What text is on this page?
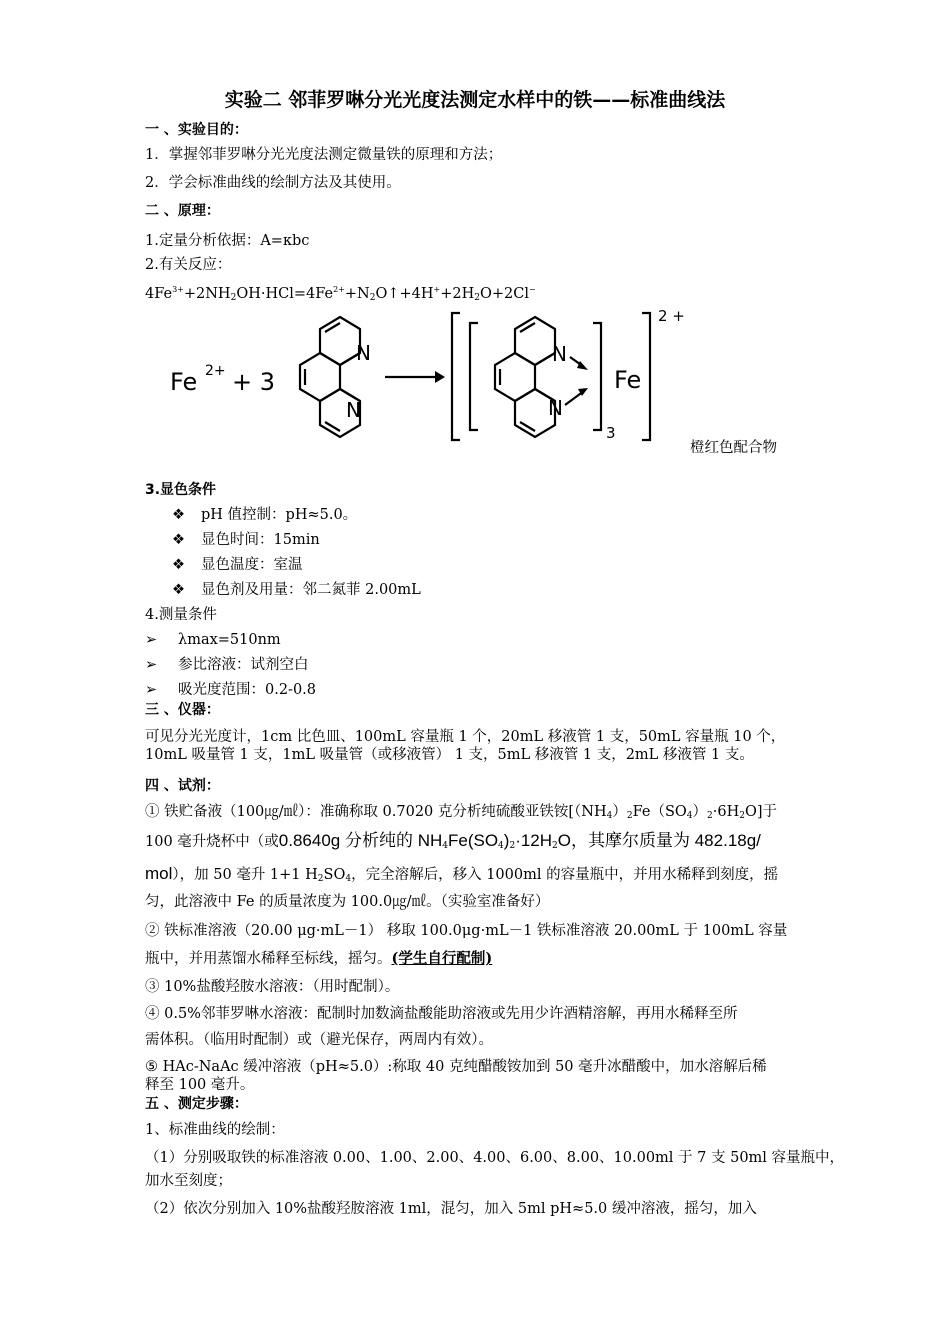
实验二 邻菲罗啉分光光度法测定水样中的铁——标准曲线法
一 、实验目的：
1．掌握邻菲罗啉分光光度法测定微量铁的原理和方法；
2．学会标准曲线的绘制方法及其使用。
二 、原理：
1.定量分析依据：A=κbc
2.有关反应：
$4Fe^{3+}+2NH_2OH\cdot HCl=4Fe^{2+}+N_2O↑+4H^++2H_2O+2Cl^-$
Fe 2+ + 3
N
N
N
N
3
Fe
2 +
橙红色配合物
3.显色条件
❖ pH 值控制：pH≈5.0。
❖ 显色时间：15min
❖ 显色温度：室温
❖ 显色剂及用量：邻二氮菲 2.00mL
4.测量条件
➢ λmax=510nm
➢ 参比溶液：试剂空白
➢ 吸光度范围：0.2-0.8
三 、仪器：
可见分光光度计，1cm 比色皿、100mL 容量瓶 1 个，20mL 移液管 1 支，50mL 容量瓶 10 个，
10mL 吸量管 1 支，1mL 吸量管（或移液管） 1 支，5mL 移液管 1 支，2mL 移液管 1 支。
四 、试剂：
① 铁贮备液（100㎍/㎖）：准确称取 0.7020 克分析纯硫酸亚铁铵$[(NH_4)_2Fe(SO_4)_2\cdot 6H_2O]$于
100 毫升烧杯中（或0.8640g 分析纯的 $NH_4Fe(SO_4)_2\cdot 12H_2O$，其摩尔质量为 482.18g/
mol），加 50 毫升 1+1 $H_2SO_4$，完全溶解后，移入 1000ml 的容量瓶中，并用水稀释到刻度，摇
匀，此溶液中 Fe 的质量浓度为 100.0㎍/㎖。（实验室准备好）
② 铁标准溶液（20.00 μg·mL－1） 移取 100.0μg·mL－1 铁标准溶液 20.00mL 于 100mL 容量
瓶中，并用蒸馏水稀释至标线，摇匀。(学生自行配制)
③ 10%盐酸羟胺水溶液：（用时配制）。
④ 0.5%邻菲罗啉水溶液：配制时加数滴盐酸能助溶液或先用少许酒精溶解，再用水稀释至所
需体积。（临用时配制）或（避光保存，两周内有效）。
⑤ HAc-NaAc 缓冲溶液（pH≈5.0）:称取 40 克纯醋酸铵加到 50 毫升冰醋酸中，加水溶解后稀
释至 100 毫升。
五 、测定步骤：
1、标准曲线的绘制：
（1）分别吸取铁的标准溶液 0.00、1.00、2.00、4.00、6.00、8.00、10.00ml 于 7 支 50ml 容量瓶中，
加水至刻度；
（2）依次分别加入 10%盐酸羟胺溶液 1ml，混匀，加入 5ml pH≈5.0 缓冲溶液，摇匀，加入
